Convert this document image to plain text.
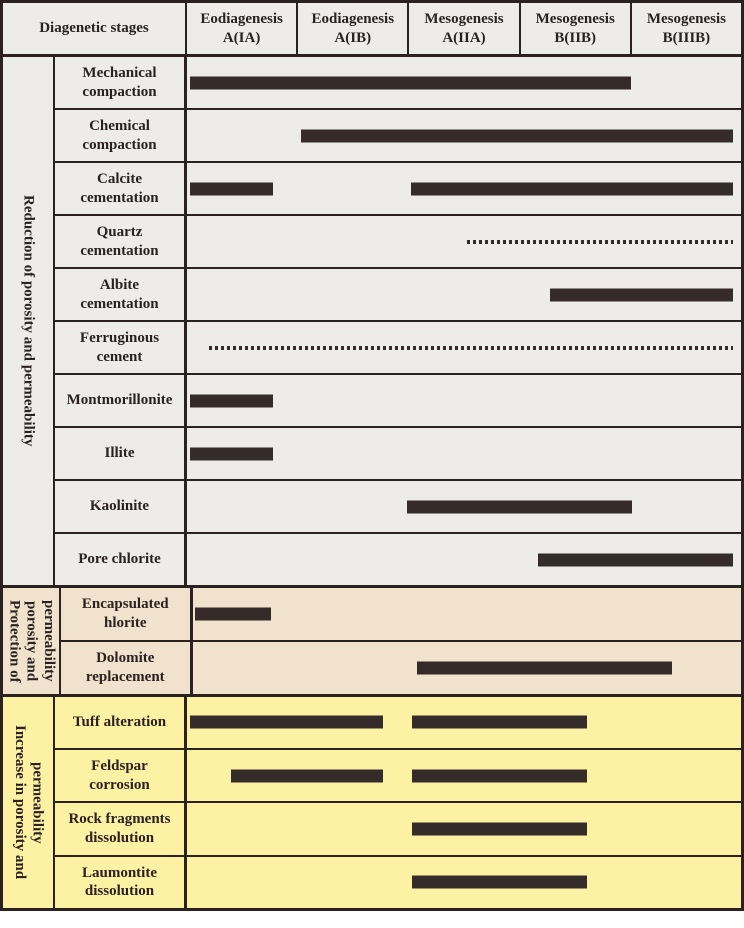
Diagenetic stages
Eodiagenesis
A(IA)
Eodiagenesis
A(IB)
Mesogenesis
A(IIA)
Mesogenesis
B(IIB)
Mesogenesis
B(IIIB)
Reduction of porosity and permeability
Mechanical compaction
Chemical compaction
Calcite cementation
Quartz cementation
Albite cementation
Ferruginous cement
Montmorillonite
Illite
Kaolinite
Pore chlorite
Protection of porosity and permeability	Encapsulated hlorite
Dolomite replacement
Increase in porosity and permeability
Tuff alteration
Feldspar corrosion
Rock fragments dissolution
Laumontite dissolution
